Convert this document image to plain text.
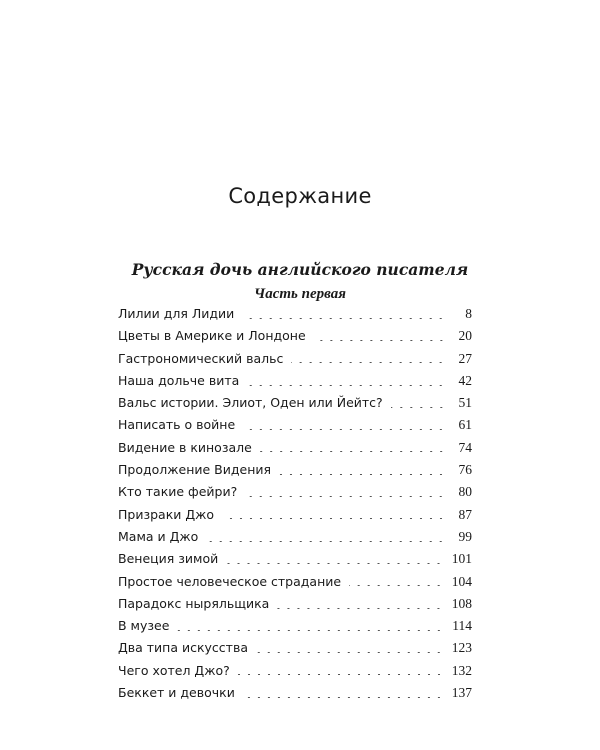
Содержание
Русская дочь английского писателя
Часть первая
Лилии для Лидии	8
Цветы в Америке и Лондоне	20
Гастрономический вальс	27
Наша дольче вита	42
Вальс истории. Элиот, Оден или Йейтс?	51
Написать о войне	61
Видение в кинозале	74
Продолжение Видения	76
Кто такие фейри?	80
Призраки Джо	87
Мама и Джо	99
Венеция зимой	101
Простое человеческое страдание	104
Парадокс ныряльщика	108
В музее	114
Два типа искусства	123
Чего хотел Джо?	132
Беккет и девочки	137
